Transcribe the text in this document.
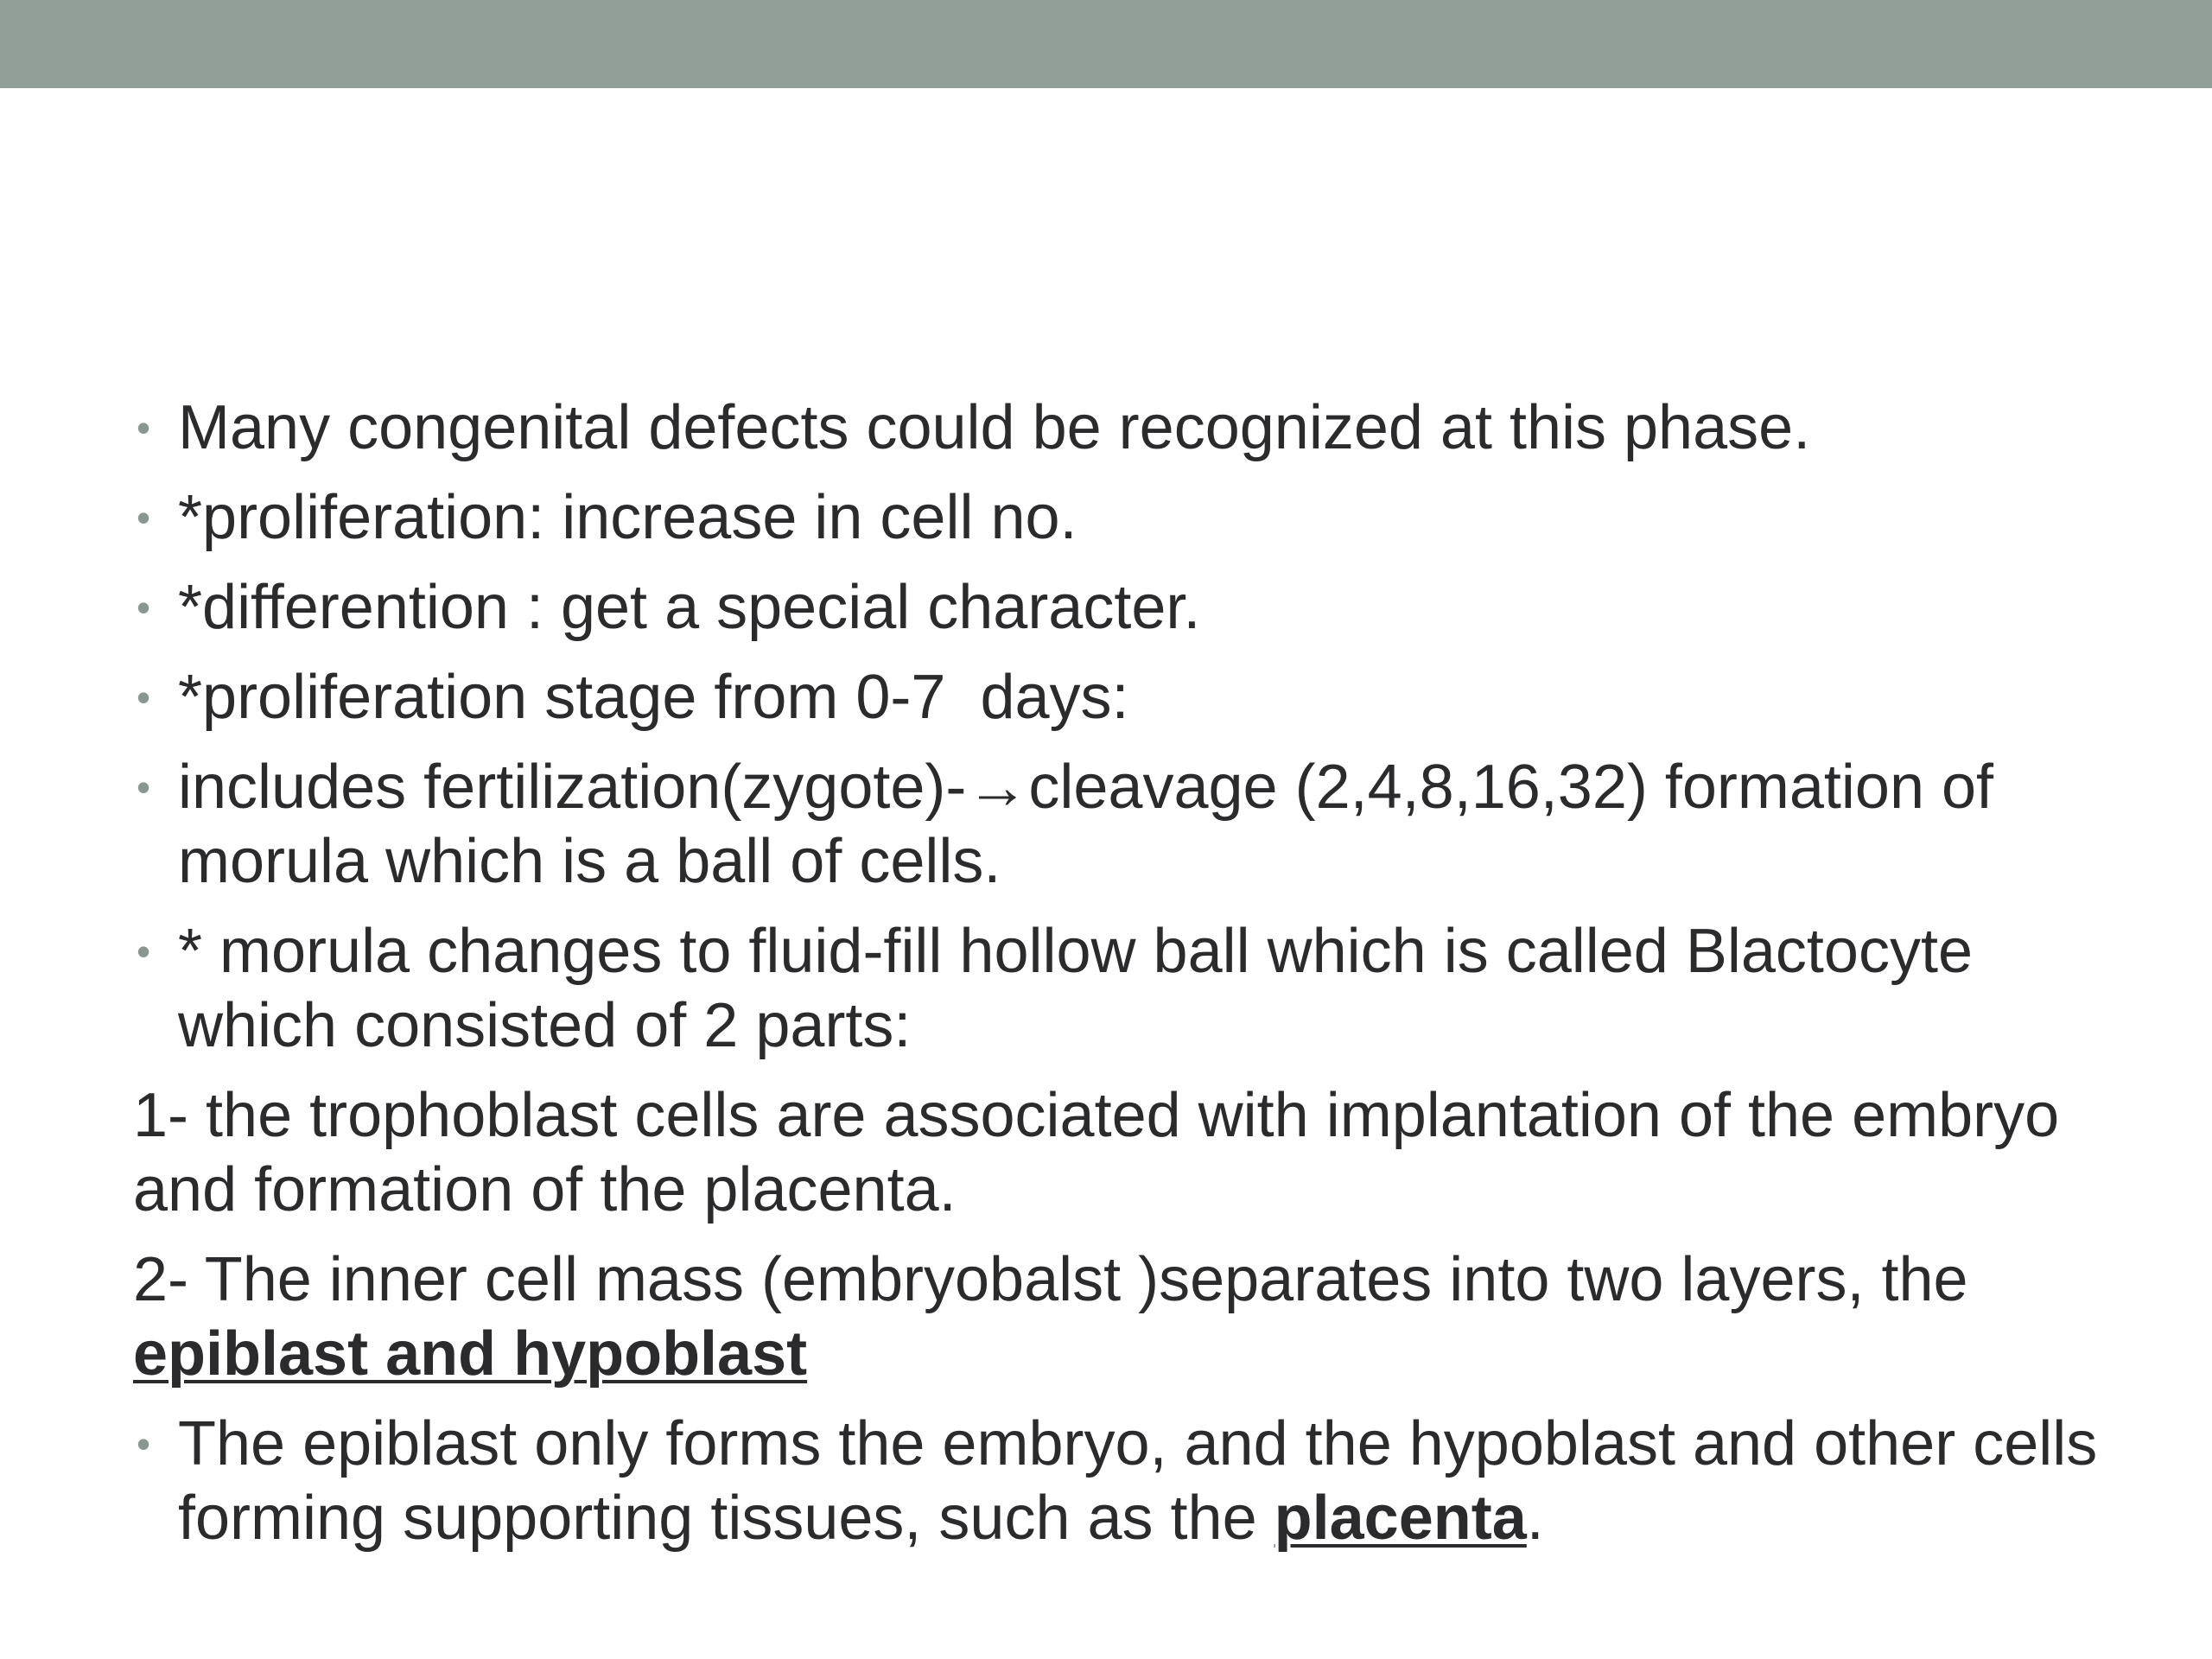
• Many congenital defects could be recognized at this phase.
• *proliferation: increase in cell no.
• *differention : get a special character.
• *proliferation stage from 0-7  days:
• includes fertilization(zygote)-→cleavage (2,4,8,16,32) formation of morula which is a ball of cells.
• * morula changes to fluid-fill hollow ball which is called Blactocyte which consisted of 2 parts:
1- the trophoblast cells are associated with implantation of the embryo and formation of the placenta.
2- The inner cell mass (embryobalst )separates into two layers, the epiblast and hypoblast
• The epiblast only forms the embryo, and the hypoblast and other cells forming supporting tissues, such as the placenta.
